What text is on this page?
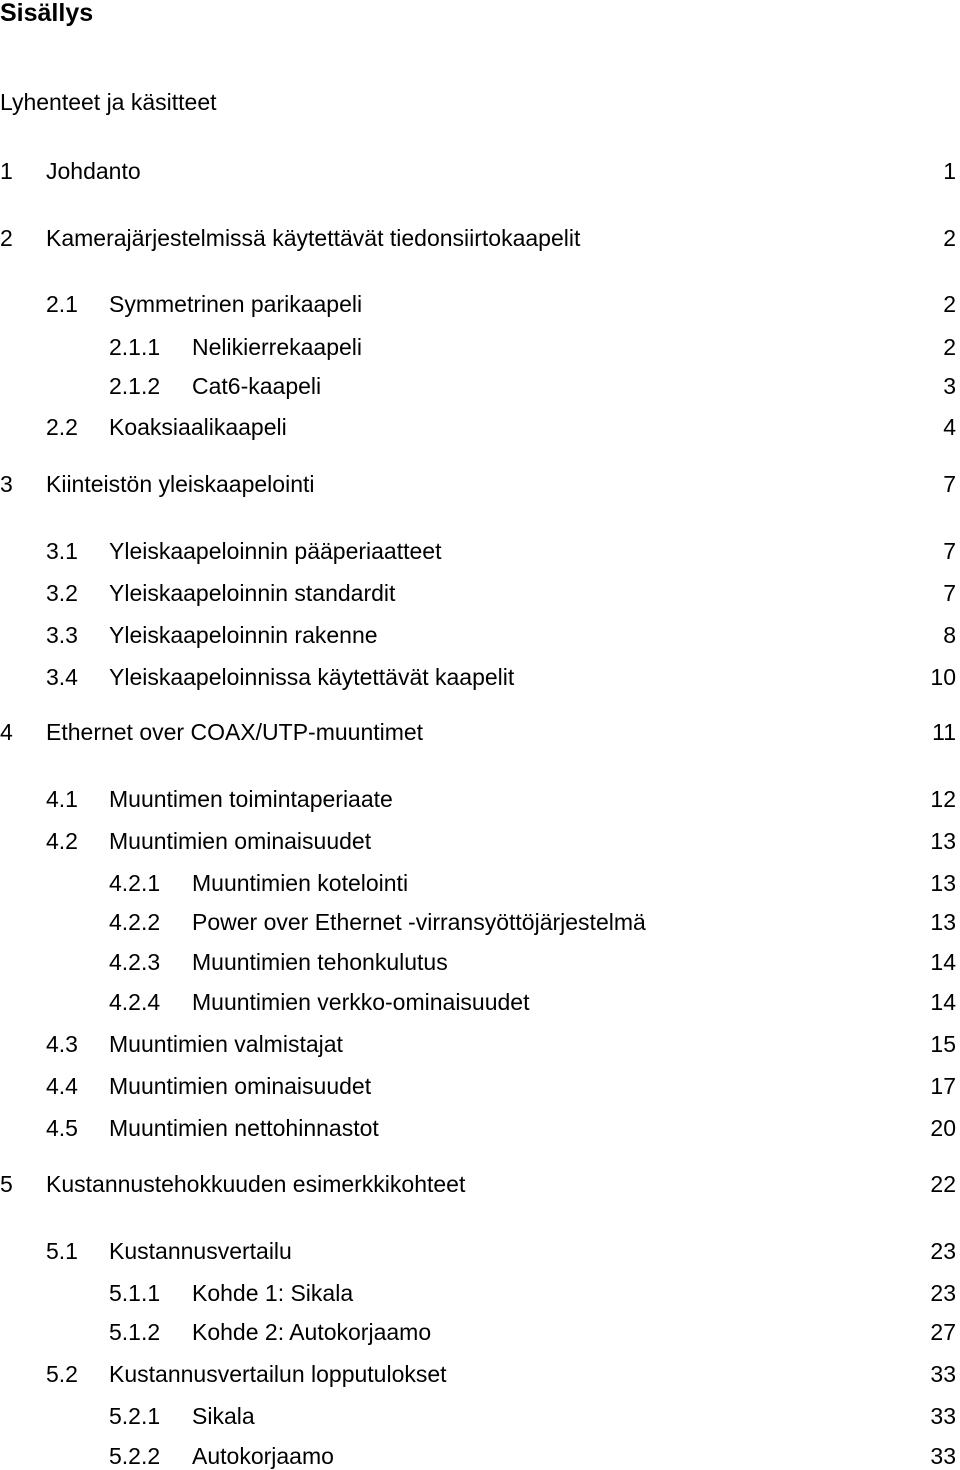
Sisällys
Lyhenteet ja käsitteet
1 Johdanto	1
2 Kamerajärjestelmissä käytettävät tiedonsiirtokaapelit	2
2.1 Symmetrinen parikaapeli	2
2.1.1 Nelikierrekaapeli	2
2.1.2 Cat6-kaapeli	3
2.2 Koaksiaalikaapeli	4
3 Kiinteistön yleiskaapelointi	7
3.1 Yleiskaapeloinnin pääperiaatteet	7
3.2 Yleiskaapeloinnin standardit	7
3.3 Yleiskaapeloinnin rakenne	8
3.4 Yleiskaapeloinnissa käytettävät kaapelit	10
4 Ethernet over COAX/UTP-muuntimet	11
4.1 Muuntimen toimintaperiaate	12
4.2 Muuntimien ominaisuudet	13
4.2.1 Muuntimien kotelointi	13
4.2.2 Power over Ethernet -virransyöttöjärjestelmä	13
4.2.3 Muuntimien tehonkulutus	14
4.2.4 Muuntimien verkko-ominaisuudet	14
4.3 Muuntimien valmistajat	15
4.4 Muuntimien ominaisuudet	17
4.5 Muuntimien nettohinnastot	20
5 Kustannustehokkuuden esimerkkikohteet	22
5.1 Kustannusvertailu	23
5.1.1 Kohde 1: Sikala	23
5.1.2 Kohde 2: Autokorjaamo	27
5.2 Kustannusvertailun lopputulokset	33
5.2.1 Sikala	33
5.2.2 Autokorjaamo	33
